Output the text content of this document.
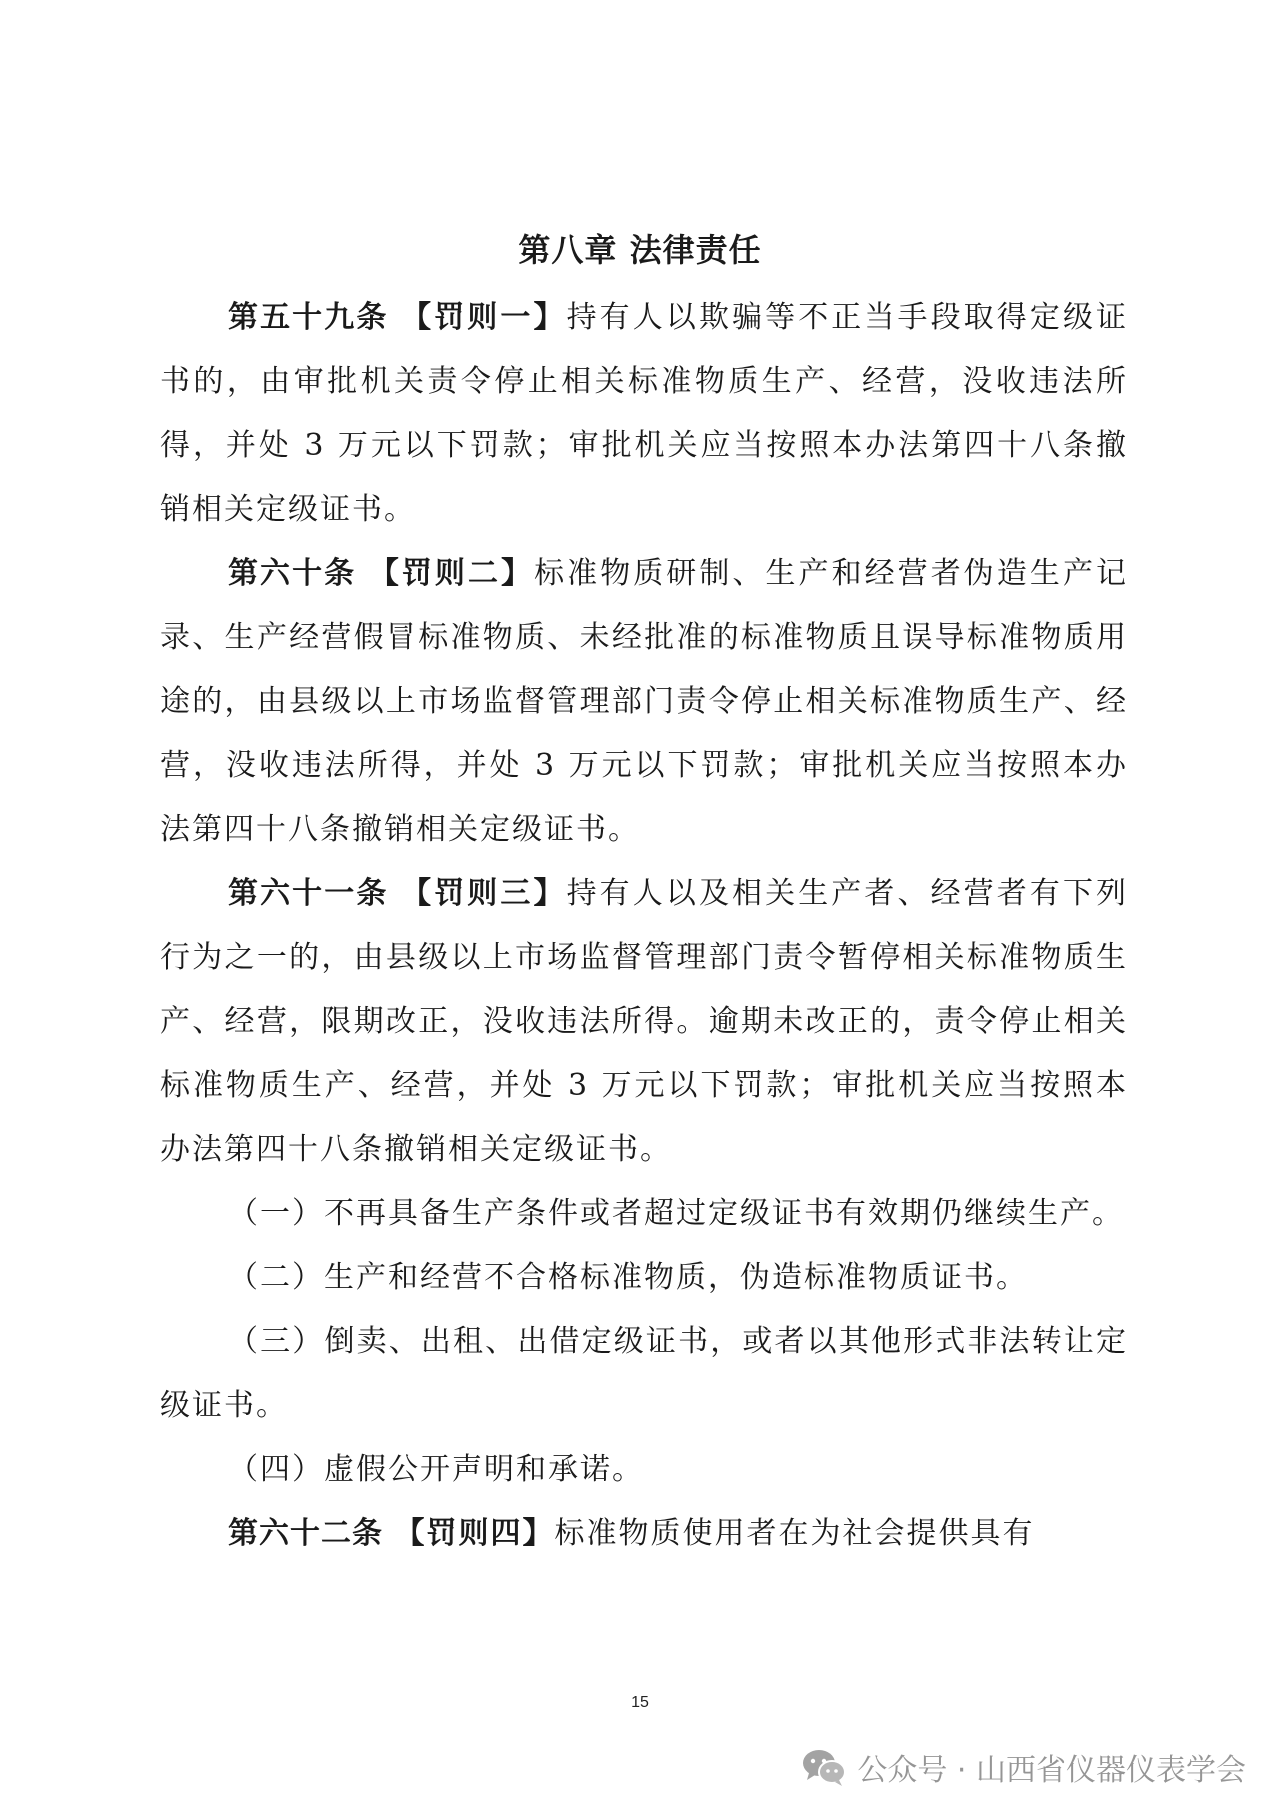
第八章 法律责任

第五十九条 【罚则一】持有人以欺骗等不正当手段取得定级证书的，由审批机关责令停止相关标准物质生产、经营，没收违法所得，并处 3 万元以下罚款；审批机关应当按照本办法第四十八条撤销相关定级证书。

第六十条 【罚则二】标准物质研制、生产和经营者伪造生产记录、生产经营假冒标准物质、未经批准的标准物质且误导标准物质用途的，由县级以上市场监督管理部门责令停止相关标准物质生产、经营，没收违法所得，并处 3 万元以下罚款；审批机关应当按照本办法第四十八条撤销相关定级证书。

第六十一条 【罚则三】持有人以及相关生产者、经营者有下列行为之一的，由县级以上市场监督管理部门责令暂停相关标准物质生产、经营，限期改正，没收违法所得。逾期未改正的，责令停止相关标准物质生产、经营，并处 3 万元以下罚款；审批机关应当按照本办法第四十八条撤销相关定级证书。

（一）不再具备生产条件或者超过定级证书有效期仍继续生产。

（二）生产和经营不合格标准物质，伪造标准物质证书。

（三）倒卖、出租、出借定级证书，或者以其他形式非法转让定级证书。

（四）虚假公开声明和承诺。

第六十二条 【罚则四】标准物质使用者在为社会提供具有

15
公众号 · 山西省仪器仪表学会
